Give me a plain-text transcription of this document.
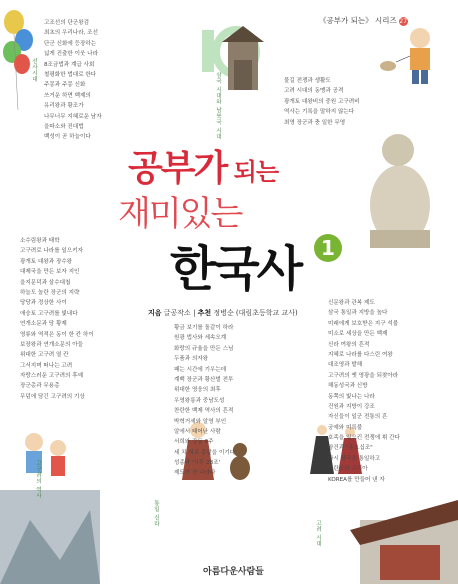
《공부가 되는》 시리즈 27
선사시대
삼국 시대와 남북국 시대
고구려의 역사
통일 신라
고려 시대
고조선의 단군왕검
최초의 우리나라, 조선
단군 신화에 등장하는
넓게 진출한 이웃 나라
8조금법과 계급 사회
철평화한 법대로 한다
주몽과 주몽 신화
쓰거운 하면 백제의
유리왕과 황조가
나무너무 지혜로운 남자
을파소와 진대법
백성이 곧 하늘이다
물길 전쟁과 생활도
고려 시대의 동맹과 공격
광개토 대왕비의 중원 고구려비
역사는 기록을 말하지 않는다
최영 장군과 충 일한 무영
소수림왕과 태학
고구려로 나라를 일으키자
광개토 대왕과 장수왕
대제국을 만든 보자 지인
을지문덕과 살수대첩
하늘도 놀란 장군의 지략
당당과 정상한 사이
애숭토 고구려를 빛내다
연개소문과 당 황제
영류와 역적은 동이 한 칸 하이
보장왕과 연개소문의 아들
위대한 고구려 열 칸
그서지며 떠나는 고려
자랑스러운 고구려의 후예
장군총과 무용총
무덤에 담긴 고구려의 기상
황금 보기를 돌같이 하라
원광 법사와 세속오계
화랑의 규율을 만든 스님
두품과 의자왕
패는 시간에 기우는데
계백 장군과 황산벌 전투
위대한 영웅의 최후
우영왕릉과 중남도성
찬란한 백제 역사의 흔적
박혁거세와 알영 부인
알에서 태어난 사람
서희와 강동 6주
세 치 혀로 총칼을 이기다
성종과 '시무 28조'
제도가 곧 나라다
신문왕과 관복 제도
삼국 통일과 지방을 높다
미래에게 보호받은 지구 석불
미소로 세상을 만든 백제
신라 여왕의 흔적
지혜로 나라를 다스린 여왕
대조영과 발해
고구려의 옛 영광을 되찾아라
해동성국과 신방
동쪽의 빛나는 나라
건원과 지방이 강조
자신들이 일군 전통의 흔
궁예와 미륵불
호족을 일으킨 전쟁에 휘 간다
왕건과 "훈요십조"
다시 삼국을 통일하고
벽란도와 코리아
KOREA를 만들어 낸 자
공부가 되는
재미있는
한국사	1
지음 글공작소 | 추천 정병순 (대림초등학교 교사)
아름다운사람들
